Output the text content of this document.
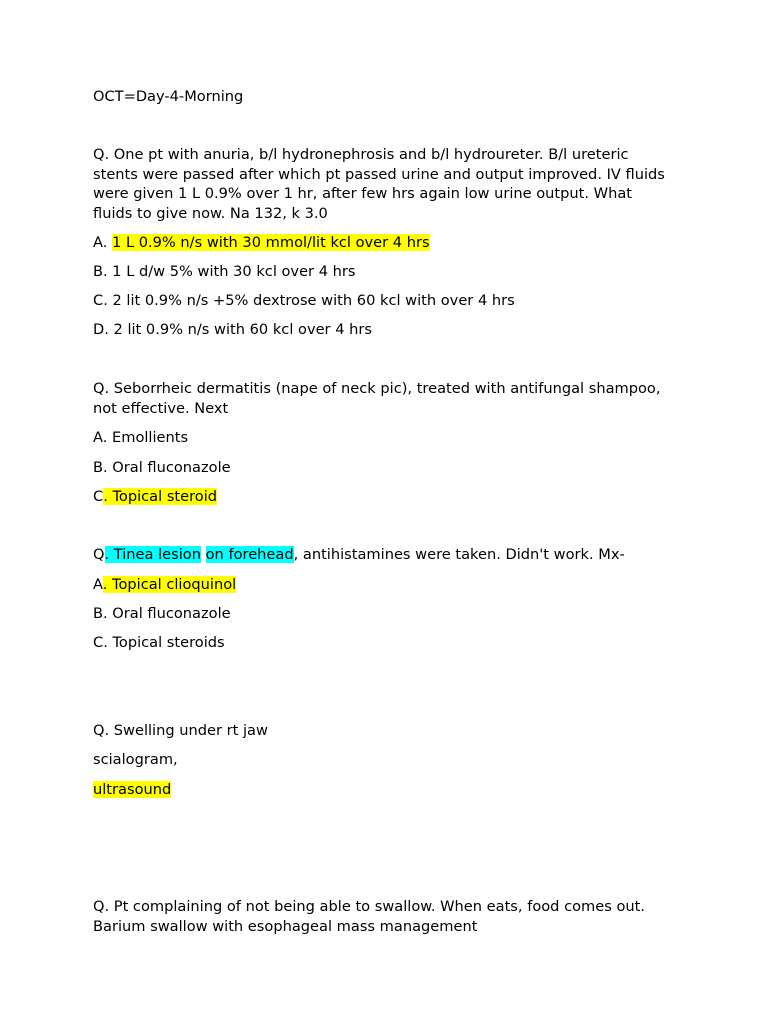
OCT=Day-4-Morning

Q. One pt with anuria, b/l hydronephrosis and b/l hydroureter. B/l ureteric stents were passed after which pt passed urine and output improved. IV fluids were given 1 L 0.9% over 1 hr, after few hrs again low urine output. What fluids to give now. Na 132, k 3.0

A. 1 L 0.9% n/s with 30 mmol/lit kcl over 4 hrs

B. 1 L d/w 5% with 30 kcl over 4 hrs

C. 2 lit 0.9% n/s +5% dextrose with 60 kcl with over 4 hrs

D. 2 lit 0.9% n/s with 60 kcl over 4 hrs

Q. Seborrheic dermatitis (nape of neck pic), treated with antifungal shampoo, not effective. Next

A. Emollients

B. Oral fluconazole

C. Topical steroid

Q. Tinea lesion on forehead, antihistamines were taken. Didn't work. Mx-

A. Topical clioquinol

B. Oral fluconazole

C. Topical steroids

Q. Swelling under rt jaw

scialogram,

ultrasound

Q. Pt complaining of not being able to swallow. When eats, food comes out. Barium swallow with esophageal mass management
